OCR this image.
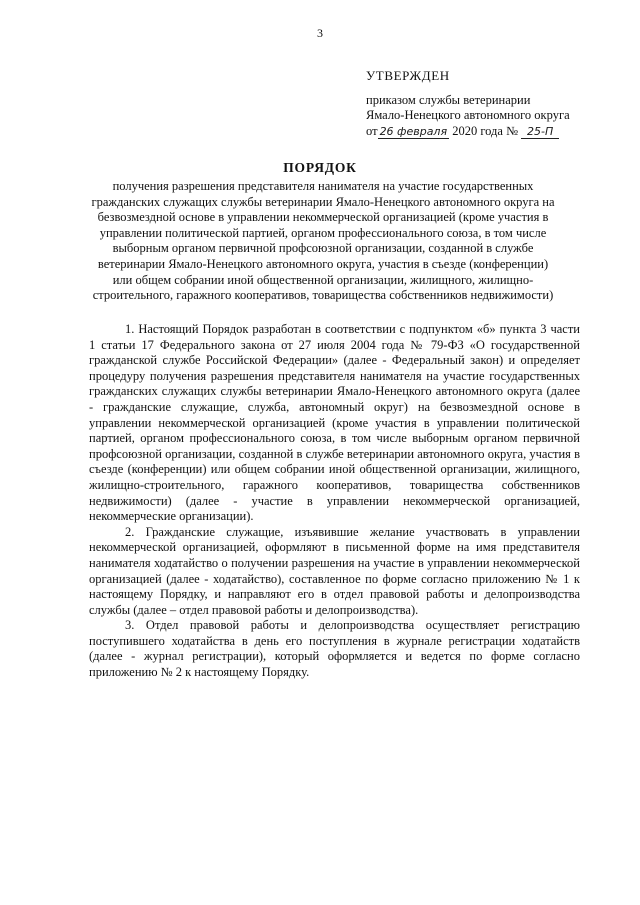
3
УТВЕРЖДЕН
приказом службы ветеринарии
Ямало-Ненецкого автономного округа
от 26 февраля 2020 года № 25-П
ПОРЯДОК
получения разрешения представителя нанимателя на участие государственных гражданских служащих службы ветеринарии Ямало-Ненецкого автономного округа на безвозмездной основе в управлении некоммерческой организацией (кроме участия в управлении политической партией, органом профессионального союза, в том числе выборным органом первичной профсоюзной организации, созданной в службе ветеринарии Ямало-Ненецкого автономного округа, участия в съезде (конференции) или общем собрании иной общественной организации, жилищного, жилищно-строительного, гаражного кооперативов, товарищества собственников недвижимости)

1. Настоящий Порядок разработан в соответствии с подпунктом «б» пункта 3 части 1 статьи 17 Федерального закона от 27 июля 2004 года № 79-ФЗ «О государственной гражданской службе Российской Федерации» (далее - Федеральный закон) и определяет процедуру получения разрешения представителя нанимателя на участие государственных гражданских служащих службы ветеринарии Ямало-Ненецкого автономного округа (далее - гражданские служащие, служба, автономный округ) на безвозмездной основе в управлении некоммерческой организацией (кроме участия в управлении политической партией, органом профессионального союза, в том числе выборным органом первичной профсоюзной организации, созданной в службе ветеринарии автономного округа, участия в съезде (конференции) или общем собрании иной общественной организации, жилищного, жилищно-строительного, гаражного кооперативов, товарищества собственников недвижимости) (далее - участие в управлении некоммерческой организацией, некоммерческие организации).

2. Гражданские служащие, изъявившие желание участвовать в управлении некоммерческой организацией, оформляют в письменной форме на имя представителя нанимателя ходатайство о получении разрешения на участие в управлении некоммерческой организацией (далее - ходатайство), составленное по форме согласно приложению № 1 к настоящему Порядку, и направляют его в отдел правовой работы и делопроизводства службы (далее – отдел правовой работы и делопроизводства).

3. Отдел правовой работы и делопроизводства осуществляет регистрацию поступившего ходатайства в день его поступления в журнале регистрации ходатайств (далее - журнал регистрации), который оформляется и ведется по форме согласно приложению № 2 к настоящему Порядку.
